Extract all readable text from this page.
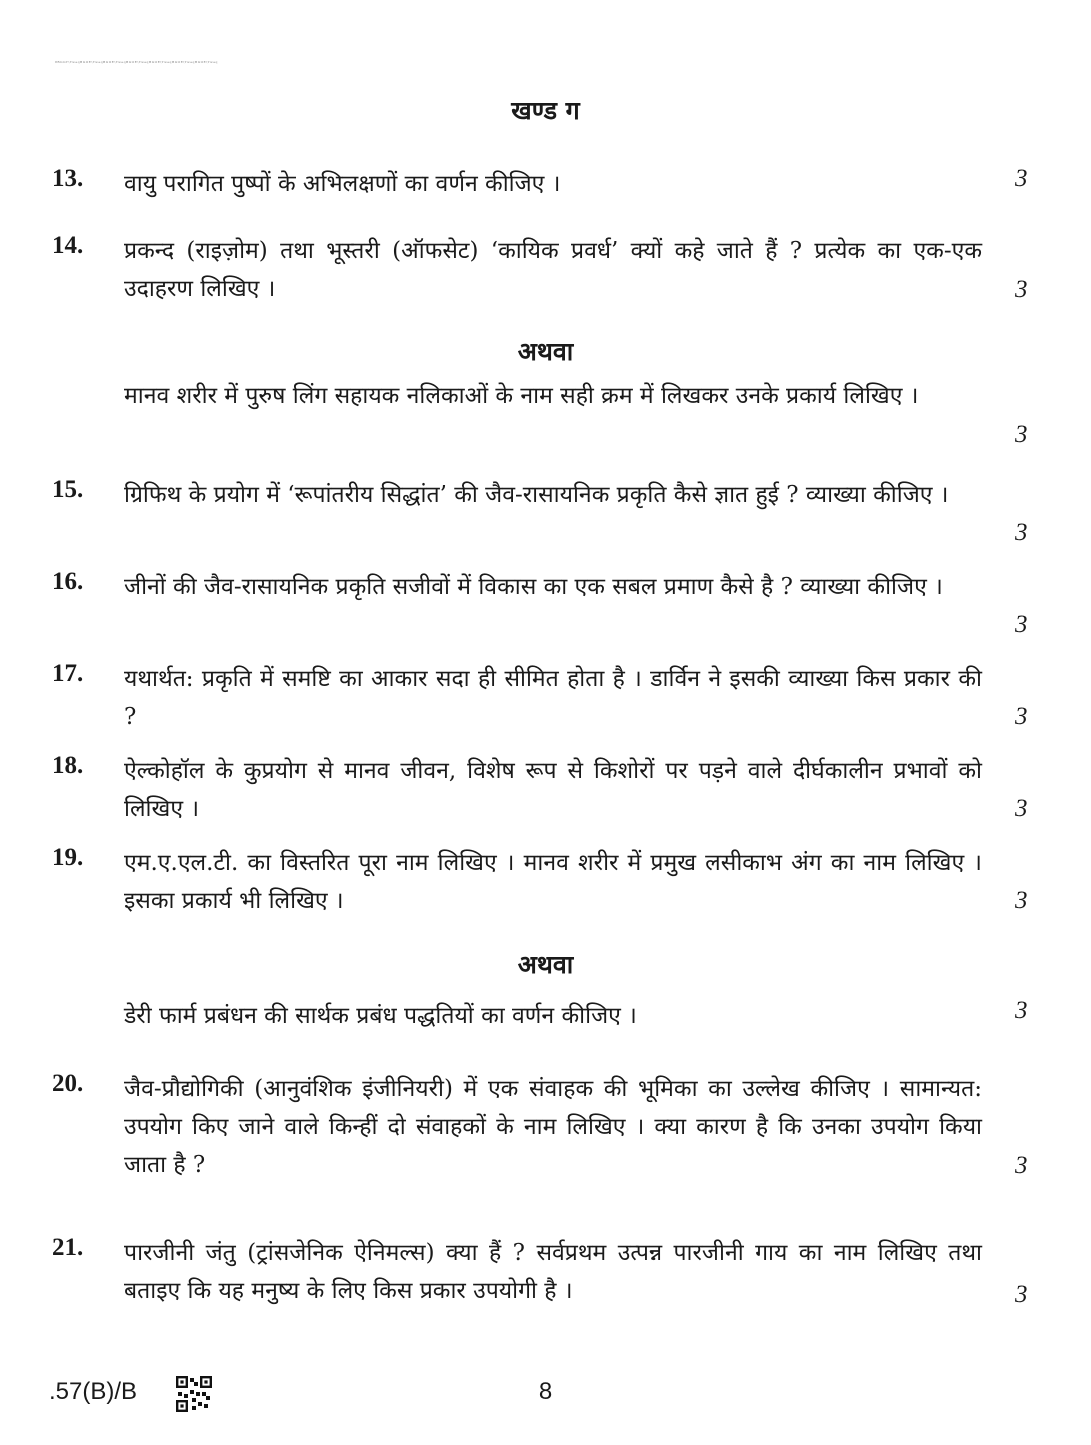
8BGGY\TweqBGOE\TweqBGOE\TweqBGOE\TweqBGOE\TweqBGOE\TweqBGOE\Tweq
खण्ड ग
13. वायु परागित पुष्पों के अभिलक्षणों का वर्णन कीजिए ।	3
14. प्रकन्द (राइज़ोम) तथा भूस्तरी (ऑफसेट) ‘कायिक प्रवर्ध’ क्यों कहे जाते हैं ? प्रत्येक का एक-एक उदाहरण लिखिए ।	3
अथवा
मानव शरीर में पुरुष लिंग सहायक नलिकाओं के नाम सही क्रम में लिखकर उनके प्रकार्य लिखिए ।
3
15. ग्रिफिथ के प्रयोग में ‘रूपांतरीय सिद्धांत’ की जैव-रासायनिक प्रकृति कैसे ज्ञात हुई ? व्याख्या कीजिए ।
3
16. जीनों की जैव-रासायनिक प्रकृति सजीवों में विकास का एक सबल प्रमाण कैसे है ? व्याख्या कीजिए ।
3
17. यथार्थत: प्रकृति में समष्टि का आकार सदा ही सीमित होता है । डार्विन ने इसकी व्याख्या किस प्रकार की ?	3
18. ऐल्कोहॉल के कुप्रयोग से मानव जीवन, विशेष रूप से किशोरों पर पड़ने वाले दीर्घकालीन प्रभावों को लिखिए ।	3
19. एम.ए.एल.टी. का विस्तरित पूरा नाम लिखिए । मानव शरीर में प्रमुख लसीकाभ अंग का नाम लिखिए । इसका प्रकार्य भी लिखिए ।	3
अथवा
डेरी फार्म प्रबंधन की सार्थक प्रबंध पद्धतियों का वर्णन कीजिए ।	3
20. जैव-प्रौद्योगिकी (आनुवंशिक इंजीनियरी) में एक संवाहक की भूमिका का उल्लेख कीजिए । सामान्यत: उपयोग किए जाने वाले किन्हीं दो संवाहकों के नाम लिखिए । क्या कारण है कि उनका उपयोग किया जाता है ?	3
21. पारजीनी जंतु (ट्रांसजेनिक ऐनिमल्स) क्या हैं ? सर्वप्रथम उत्पन्न पारजीनी गाय का नाम लिखिए तथा बताइए कि यह मनुष्य के लिए किस प्रकार उपयोगी है ।	3
.57(B)/B	8
